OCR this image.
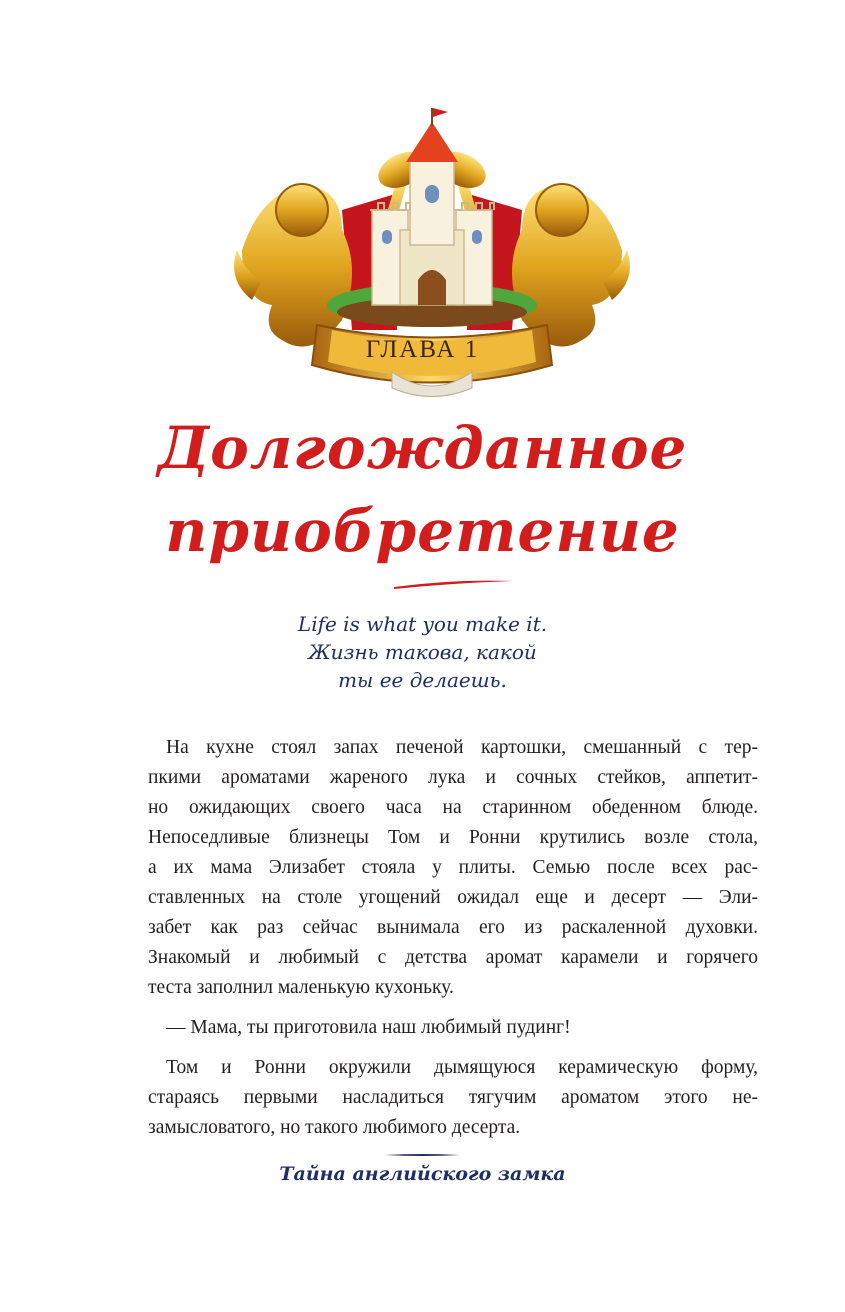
ГЛАВА 1
Долгожданное
приобретение
Life is what you make it.
Жизнь такова, какой
ты ее делаешь.
На кухне стоял запах печеной картошки, смешанный с тер-
пкими ароматами жареного лука и сочных стейков, аппетит-
но ожидающих своего часа на старинном обеденном блюде.
Непоседливые близнецы Том и Ронни крутились возле стола,
а их мама Элизабет стояла у плиты. Семью после всех рас-
ставленных на столе угощений ожидал еще и десерт — Эли-
забет как раз сейчас вынимала его из раскаленной духовки.
Знакомый и любимый с детства аромат карамели и горячего
теста заполнил маленькую кухоньку.
— Мама, ты приготовила наш любимый пудинг!
Том и Ронни окружили дымящуюся керамическую форму,
стараясь первыми насладиться тягучим ароматом этого не-
замысловатого, но такого любимого десерта.
Тайна английского замка
